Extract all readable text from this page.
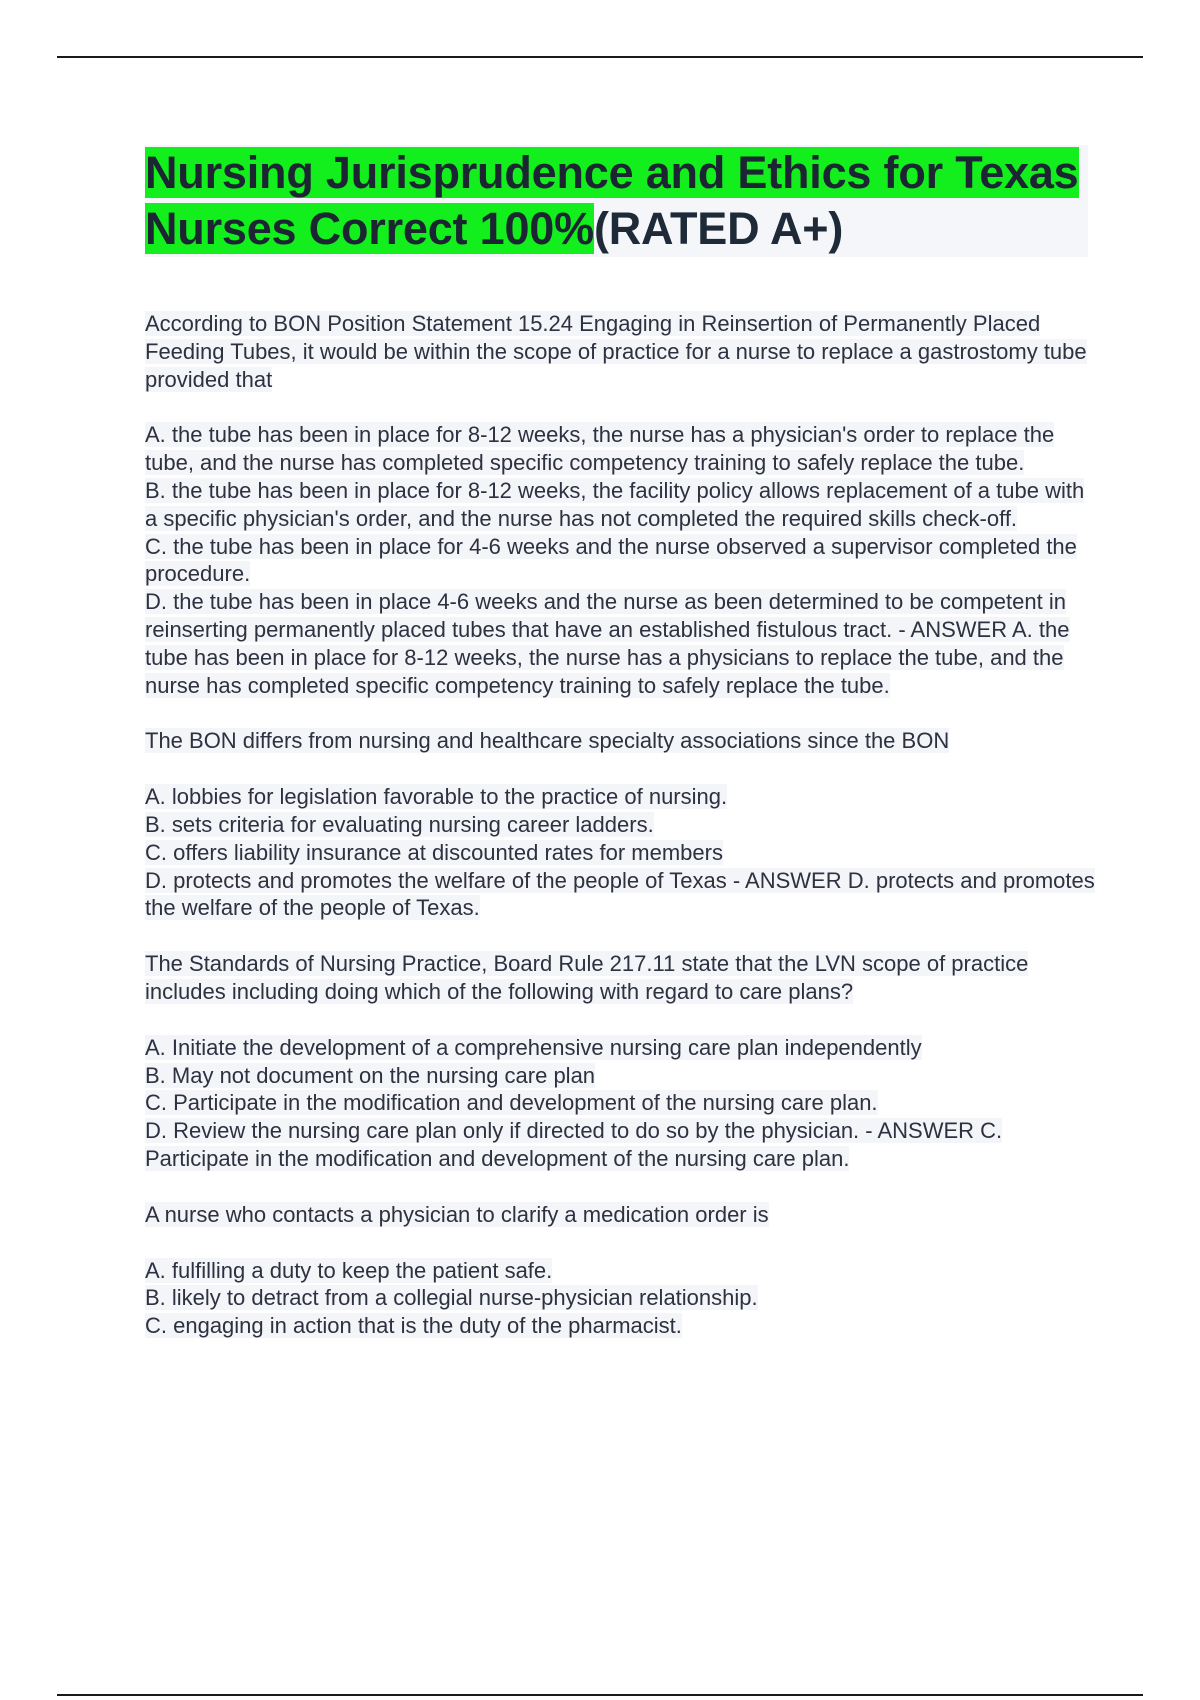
Nursing Jurisprudence and Ethics for Texas Nurses Correct 100%(RATED A+)
According to BON Position Statement 15.24 Engaging in Reinsertion of Permanently Placed Feeding Tubes, it would be within the scope of practice for a nurse to replace a gastrostomy tube provided that
A. the tube has been in place for 8-12 weeks, the nurse has a physician's order to replace the tube, and the nurse has completed specific competency training to safely replace the tube.
B. the tube has been in place for 8-12 weeks, the facility policy allows replacement of a tube with a specific physician's order, and the nurse has not completed the required skills check-off.
C. the tube has been in place for 4-6 weeks and the nurse observed a supervisor completed the procedure.
D. the tube has been in place 4-6 weeks and the nurse as been determined to be competent in reinserting permanently placed tubes that have an established fistulous tract. - ANSWER A. the tube has been in place for 8-12 weeks, the nurse has a physicians to replace the tube, and the nurse has completed specific competency training to safely replace the tube.
The BON differs from nursing and healthcare specialty associations since the BON
A. lobbies for legislation favorable to the practice of nursing.
B. sets criteria for evaluating nursing career ladders.
C. offers liability insurance at discounted rates for members
D. protects and promotes the welfare of the people of Texas - ANSWER D. protects and promotes the welfare of the people of Texas.
The Standards of Nursing Practice, Board Rule 217.11 state that the LVN scope of practice includes including doing which of the following with regard to care plans?
A. Initiate the development of a comprehensive nursing care plan independently
B. May not document on the nursing care plan
C. Participate in the modification and development of the nursing care plan.
D. Review the nursing care plan only if directed to do so by the physician. - ANSWER C. Participate in the modification and development of the nursing care plan.
A nurse who contacts a physician to clarify a medication order is
A. fulfilling a duty to keep the patient safe.
B. likely to detract from a collegial nurse-physician relationship.
C. engaging in action that is the duty of the pharmacist.
